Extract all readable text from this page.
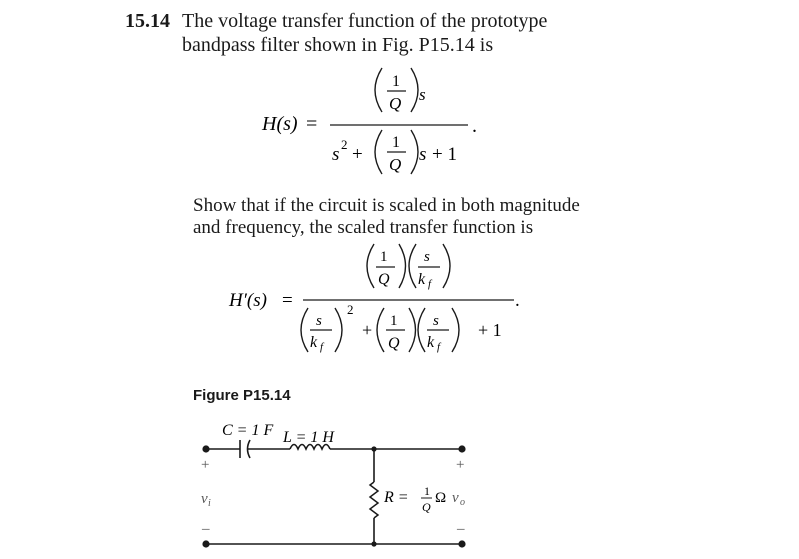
15.14 The voltage transfer function of the prototype
bandpass filter shown in Fig. P15.14 is
H(s) =
1
Q s
.
s 2 +
1
Q s + 1
Show that if the circuit is scaled in both magnitude
and frequency, the scaled transfer function is
H′(s) =
1
Q
s
k f
.
s
k f
2
+ 1
Q
s
k f
+ 1
Figure P15.14
C = 1 F L = 1 H
R = 1
Q
Ω
+
v i
–
+
v o
–
